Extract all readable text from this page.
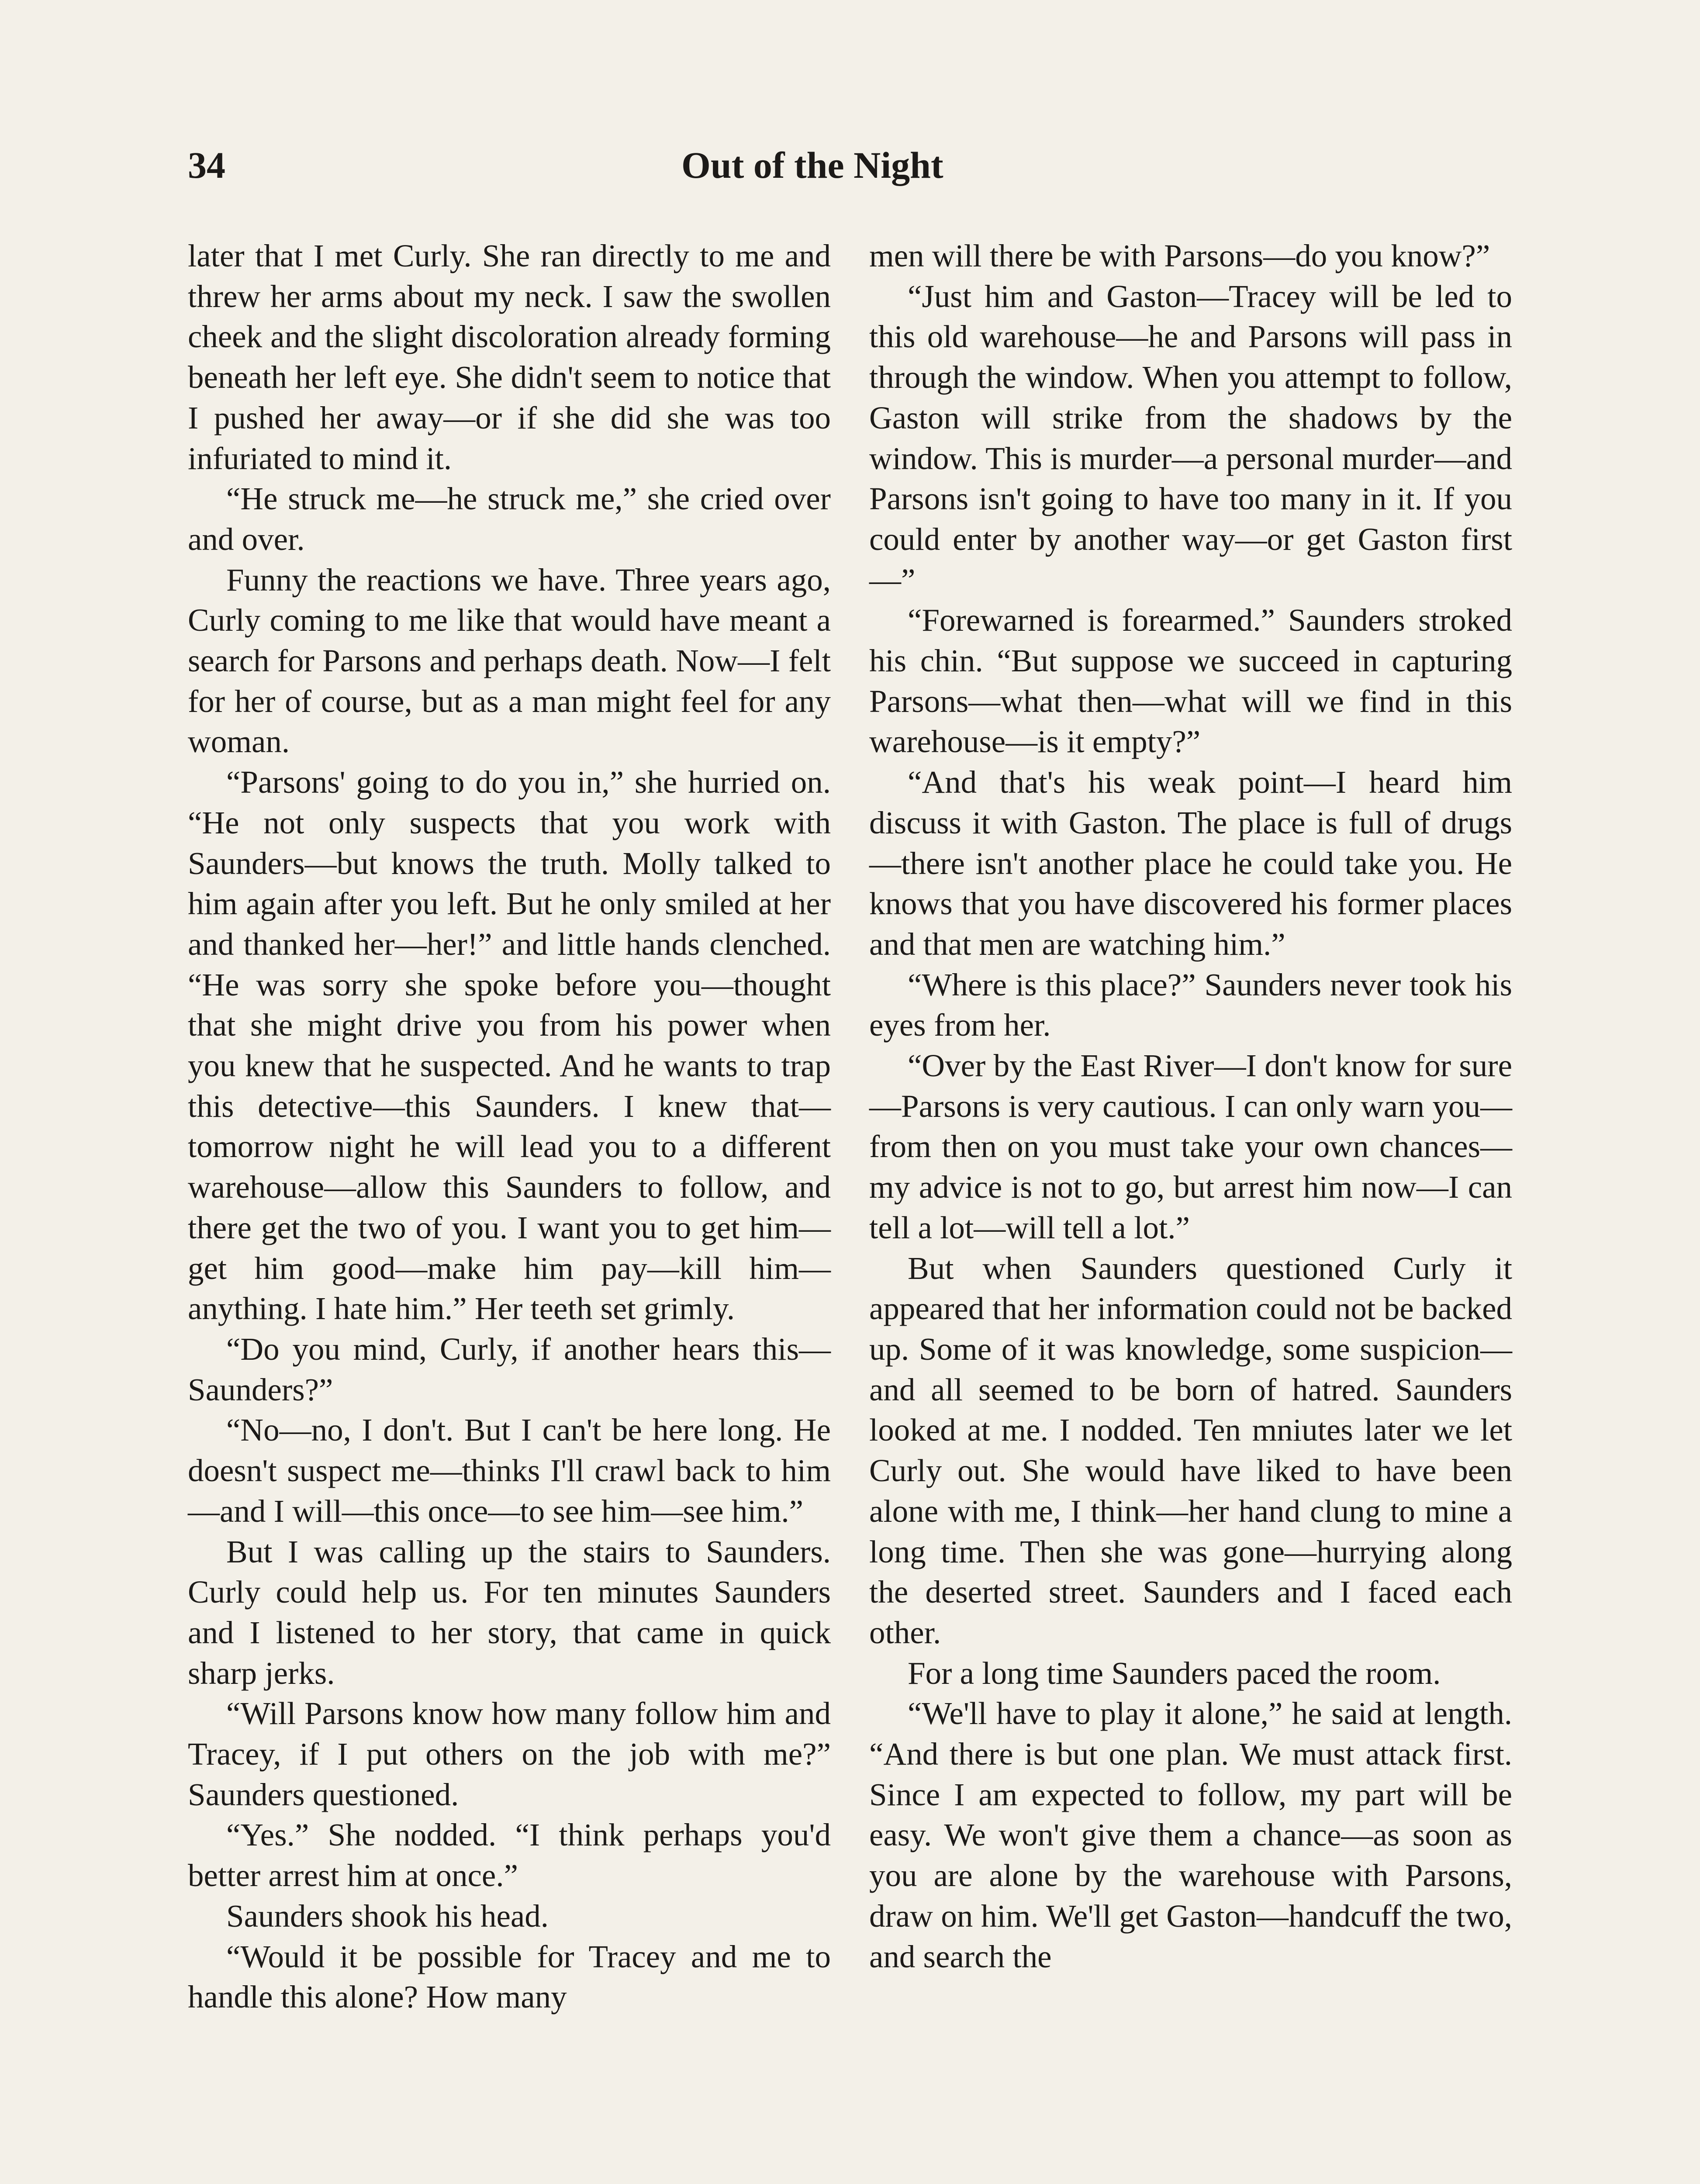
34	Out of the Night

later that I met Curly. She ran directly to me and threw her arms about my neck. I saw the swollen cheek and the slight discoloration already forming beneath her left eye. She didn't seem to notice that I pushed her away—or if she did she was too infuriated to mind it.

“He struck me—he struck me,” she cried over and over.

Funny the reactions we have. Three years ago, Curly coming to me like that would have meant a search for Parsons and perhaps death. Now—I felt for her of course, but as a man might feel for any woman.

“Parsons' going to do you in,” she hurried on. “He not only suspects that you work with Saunders—but knows the truth. Molly talked to him again after you left. But he only smiled at her and thanked her—her!” and little hands clenched. “He was sorry she spoke before you—thought that she might drive you from his power when you knew that he suspected. And he wants to trap this detective—this Saunders. I knew that—tomorrow night he will lead you to a different warehouse—allow this Saunders to follow, and there get the two of you. I want you to get him—get him good—make him pay—kill him—anything. I hate him.” Her teeth set grimly.

“Do you mind, Curly, if another hears this—Saunders?”

“No—no, I don't. But I can't be here long. He doesn't suspect me—thinks I'll crawl back to him—and I will—this once—to see him—see him.”

But I was calling up the stairs to Saunders. Curly could help us. For ten minutes Saunders and I listened to her story, that came in quick sharp jerks.

“Will Parsons know how many follow him and Tracey, if I put others on the job with me?” Saunders questioned.

“Yes.” She nodded. “I think perhaps you'd better arrest him at once.”

Saunders shook his head.

“Would it be possible for Tracey and me to handle this alone? How many

men will there be with Parsons—do you know?”

“Just him and Gaston—Tracey will be led to this old warehouse—he and Parsons will pass in through the window. When you attempt to follow, Gaston will strike from the shadows by the window. This is murder—a personal murder—and Parsons isn't going to have too many in it. If you could enter by another way—or get Gaston first—”

“Forewarned is forearmed.” Saunders stroked his chin. “But suppose we succeed in capturing Parsons—what then—what will we find in this warehouse—is it empty?”

“And that's his weak point—I heard him discuss it with Gaston. The place is full of drugs—there isn't another place he could take you. He knows that you have discovered his former places and that men are watching him.”

“Where is this place?” Saunders never took his eyes from her.

“Over by the East River—I don't know for sure—Parsons is very cautious. I can only warn you—from then on you must take your own chances—my advice is not to go, but arrest him now—I can tell a lot—will tell a lot.”

But when Saunders questioned Curly it appeared that her information could not be backed up. Some of it was knowledge, some suspicion—and all seemed to be born of hatred. Saunders looked at me. I nodded. Ten mniutes later we let Curly out. She would have liked to have been alone with me, I think—her hand clung to mine a long time. Then she was gone—hurrying along the deserted street. Saunders and I faced each other.

For a long time Saunders paced the room.

“We'll have to play it alone,” he said at length. “And there is but one plan. We must attack first. Since I am expected to follow, my part will be easy. We won't give them a chance—as soon as you are alone by the warehouse with Parsons, draw on him. We'll get Gaston—handcuff the two, and search the
